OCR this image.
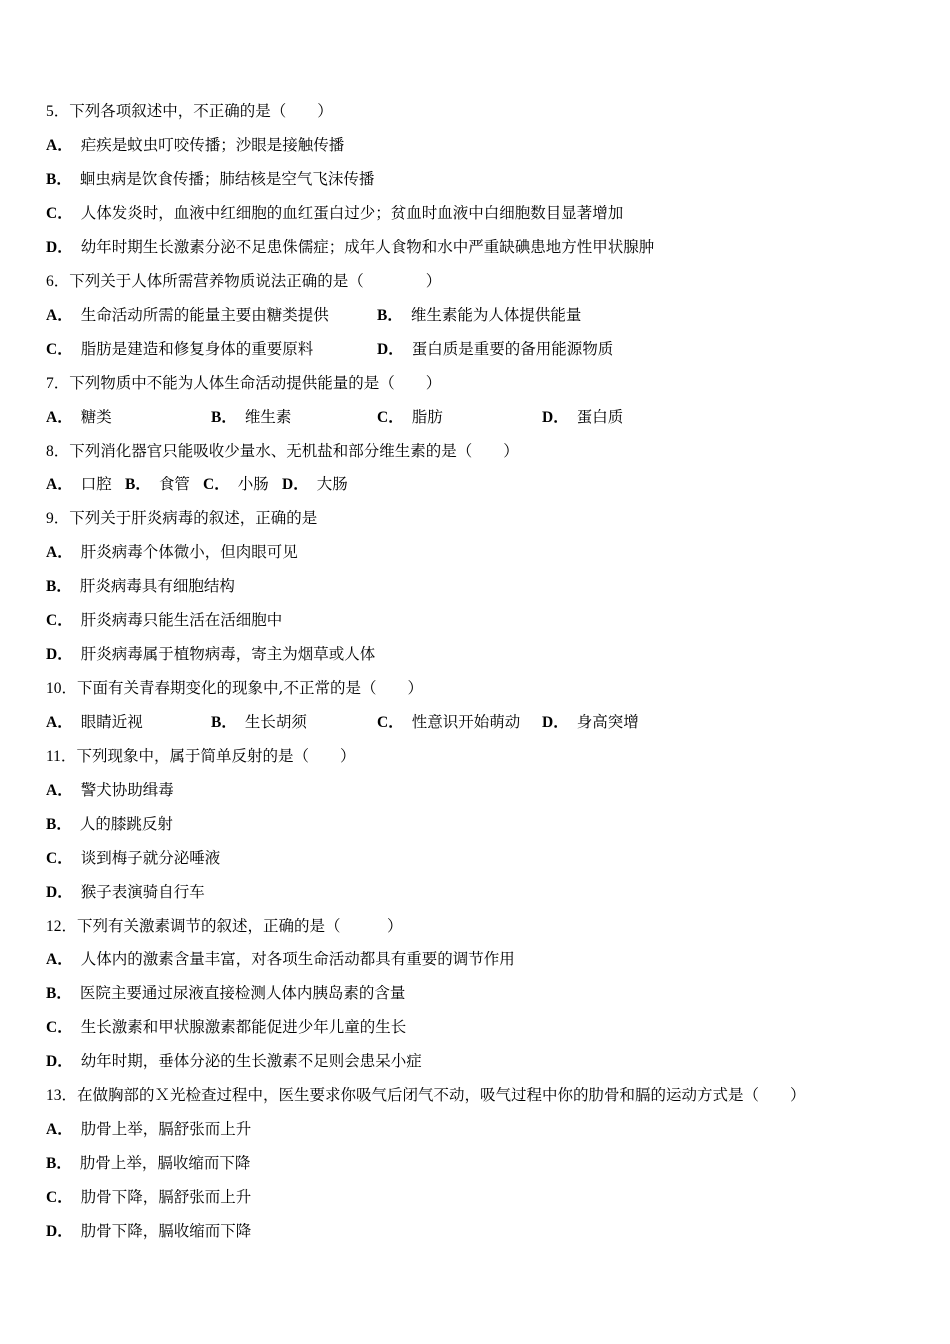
5．下列各项叙述中，不正确的是（　　）
A． 疟疾是蚊虫叮咬传播；沙眼是接触传播
B． 蛔虫病是饮食传播；肺结核是空气飞沫传播
C． 人体发炎时，血液中红细胞的血红蛋白过少；贫血时血液中白细胞数目显著增加
D． 幼年时期生长激素分泌不足患侏儒症；成年人食物和水中严重缺碘患地方性甲状腺肿
6．下列关于人体所需营养物质说法正确的是（　　　　）
A． 生命活动所需的能量主要由糖类提供	B． 维生素能为人体提供能量
C． 脂肪是建造和修复身体的重要原料	D． 蛋白质是重要的备用能源物质
7．下列物质中不能为人体生命活动提供能量的是（　　）
A． 糖类	B． 维生素	C． 脂肪	D． 蛋白质
8．下列消化器官只能吸收少量水、无机盐和部分维生素的是（　　）
A． 口腔 B． 食管 C． 小肠 D． 大肠
9．下列关于肝炎病毒的叙述，正确的是
A． 肝炎病毒个体微小，但肉眼可见
B． 肝炎病毒具有细胞结构
C． 肝炎病毒只能生活在活细胞中
D． 肝炎病毒属于植物病毒，寄主为烟草或人体
10．下面有关青春期变化的现象中,不正常的是（　　）
A． 眼睛近视	B． 生长胡须	C． 性意识开始萌动 D． 身高突增
11．下列现象中，属于简单反射的是（　　）
A． 警犬协助缉毒
B． 人的膝跳反射
C． 谈到梅子就分泌唾液
D． 猴子表演骑自行车
12．下列有关激素调节的叙述，正确的是（　　　）
A． 人体内的激素含量丰富，对各项生命活动都具有重要的调节作用
B． 医院主要通过尿液直接检测人体内胰岛素的含量
C． 生长激素和甲状腺激素都能促进少年儿童的生长
D． 幼年时期，垂体分泌的生长激素不足则会患呆小症
13．在做胸部的Ｘ光检查过程中，医生要求你吸气后闭气不动，吸气过程中你的肋骨和膈的运动方式是（　　）
A． 肋骨上举，膈舒张而上升
B． 肋骨上举，膈收缩而下降
C． 肋骨下降，膈舒张而上升
D． 肋骨下降，膈收缩而下降
